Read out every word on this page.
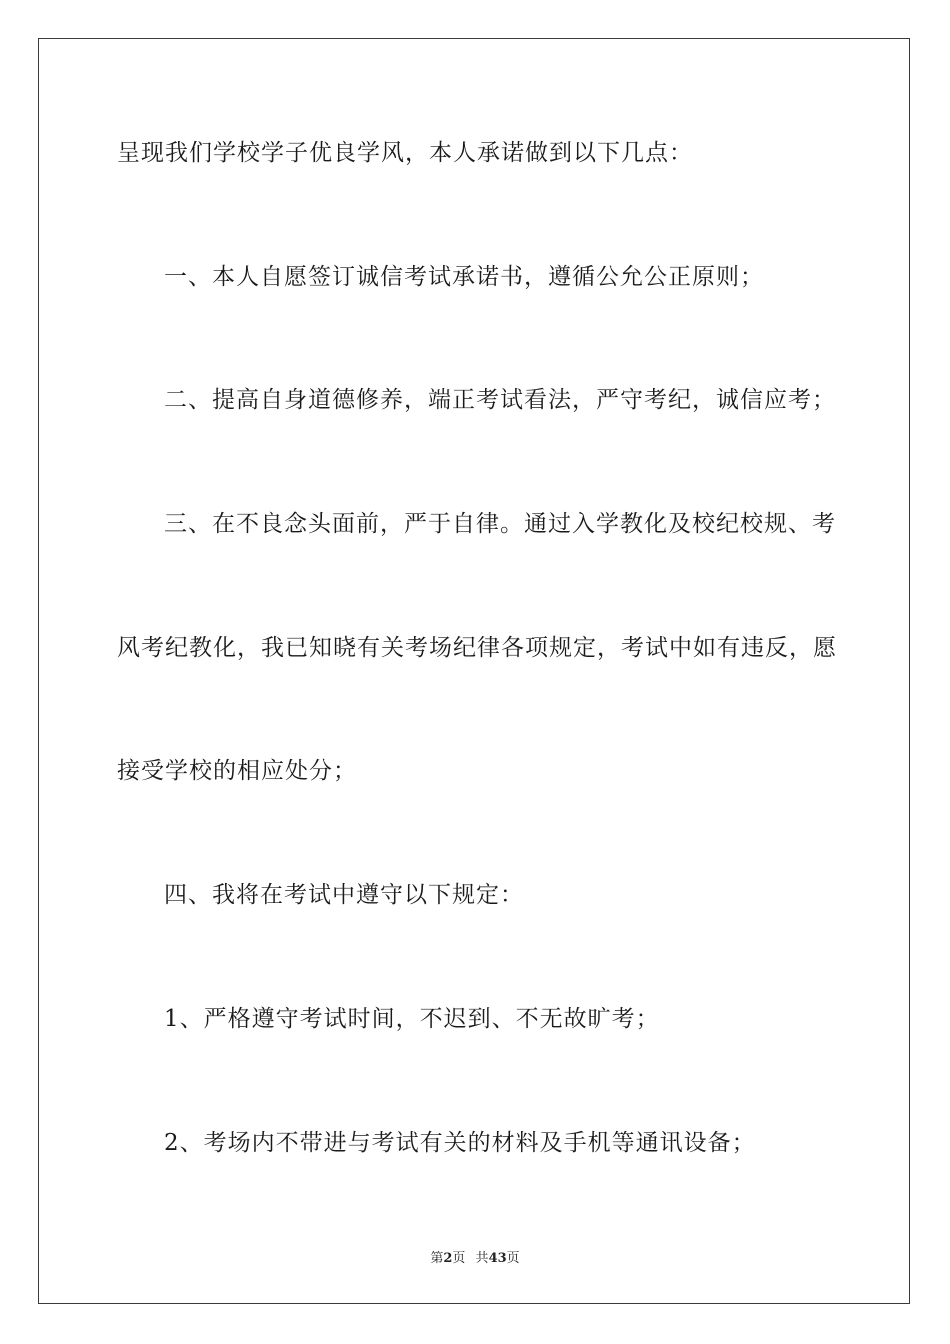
呈现我们学校学子优良学风，本人承诺做到以下几点：
一、本人自愿签订诚信考试承诺书，遵循公允公正原则；
二、提高自身道德修养，端正考试看法，严守考纪，诚信应考；
三、在不良念头面前，严于自律。通过入学教化及校纪校规、考
风考纪教化，我已知晓有关考场纪律各项规定，考试中如有违反，愿
接受学校的相应处分；
四、我将在考试中遵守以下规定：
1、严格遵守考试时间，不迟到、不无故旷考；
2、考场内不带进与考试有关的材料及手机等通讯设备；
第2页 共43页
